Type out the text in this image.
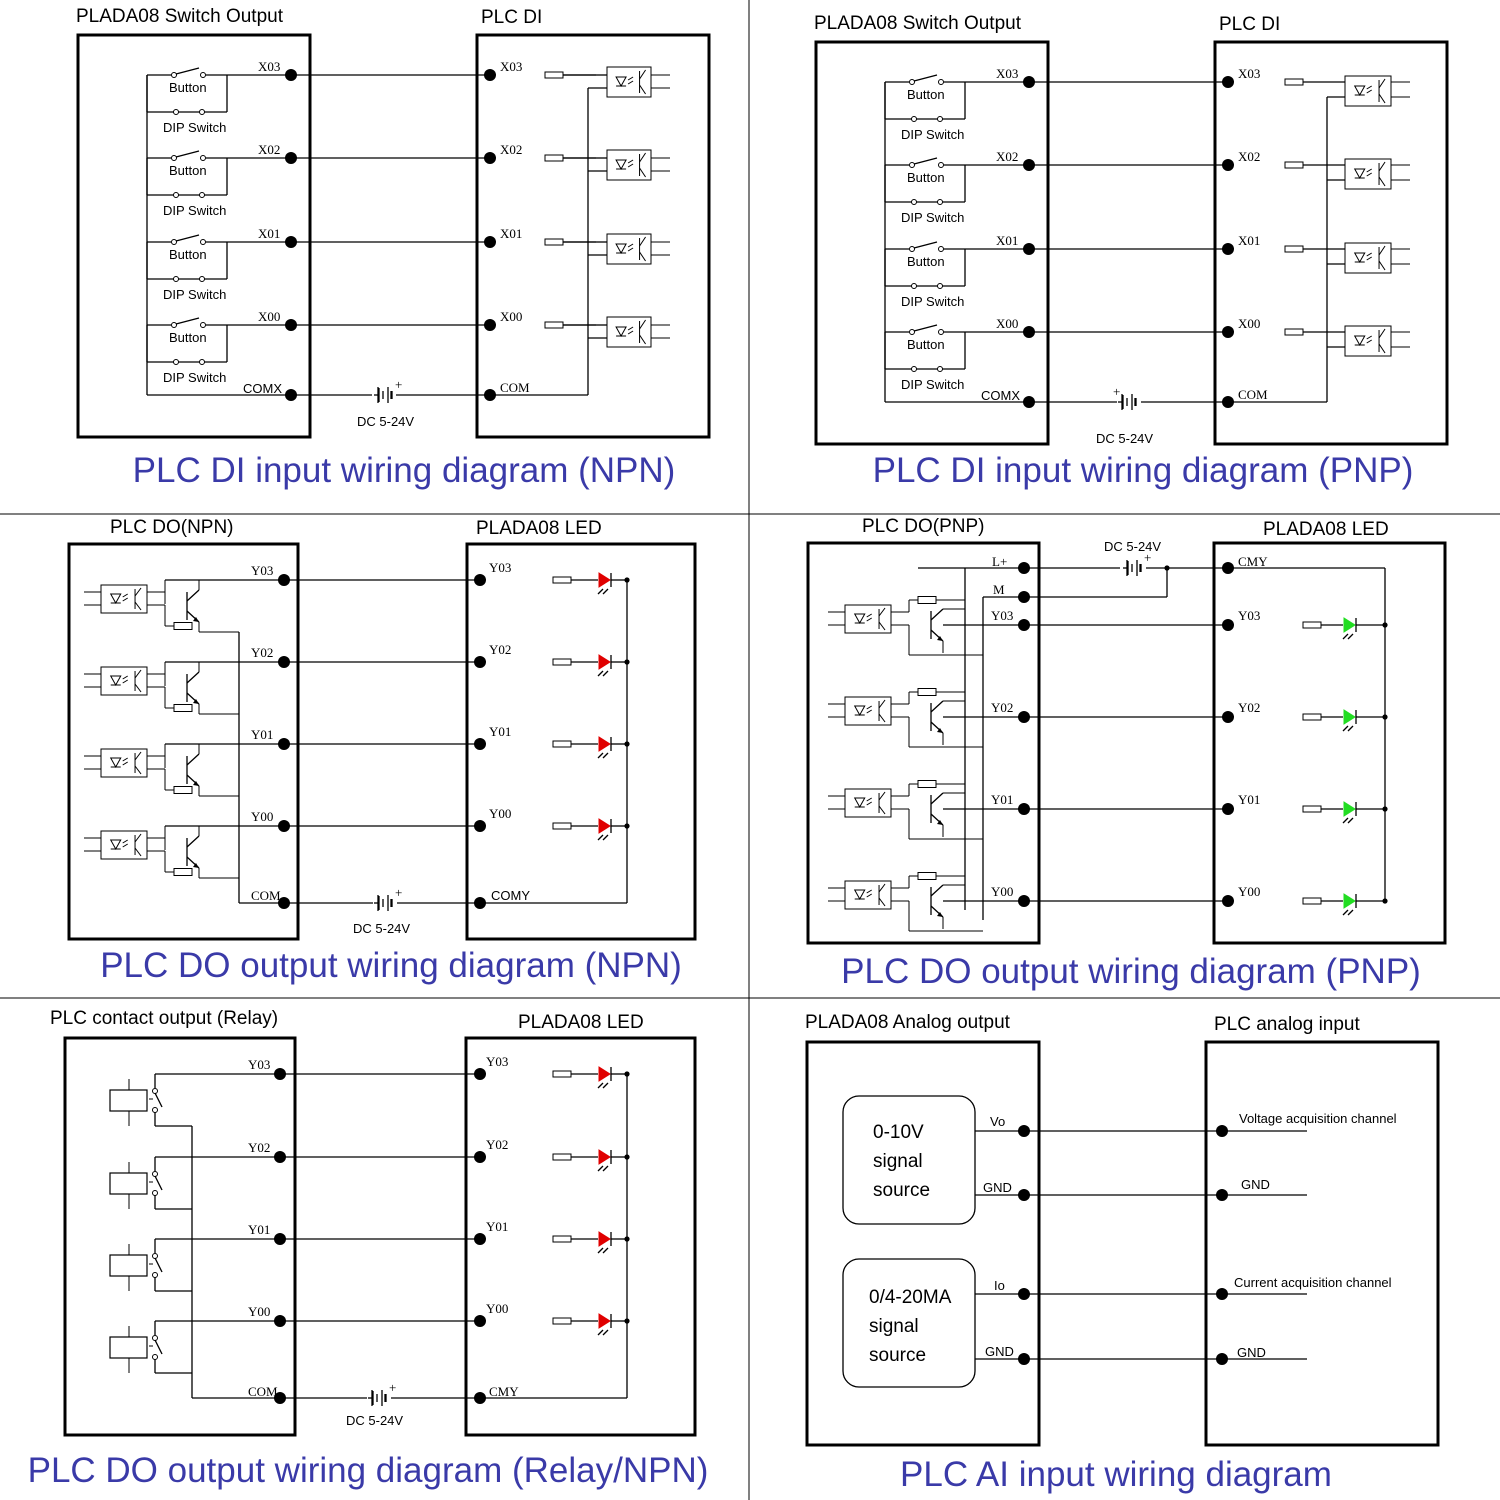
PLADA08 Switch Output	PLC DI
Button
DIP Switch
X03	X03
Button
DIP Switch
X02	X02
Button
DIP Switch
X01	X01
Button
DIP Switch
X00	X00
COMX	+
DC 5-24V
COM
PLC DI input wiring diagram (NPN)
PLADA08 Switch Output	PLC DI
Button
DIP Switch
X03	X03
Button
DIP Switch
X02	X02
Button
DIP Switch
X01	X01
Button
DIP Switch
X00	X00
COMX	+
DC 5-24V
COM
PLC DI input wiring diagram (PNP)
PLC DO(NPN)	PLADA08 LED
Y03	Y03
Y02	Y02
Y01	Y01
Y00	Y00
COM	+
DC 5-24V
COMY
PLC DO output wiring diagram (NPN)
PLC DO(PNP)	PLADA08 LED
L+	+
DC 5-24V
CMY
M
Y03	Y03
Y02	Y02
Y01	Y01
Y00	Y00
PLC DO output wiring diagram (PNP)
PLC contact output (Relay)	PLADA08 LED
Y03	Y03
Y02	Y02
Y01	Y01
Y00	Y00
COM	+
DC 5-24V
CMY
PLC DO output wiring diagram (Relay/NPN)
PLADA08 Analog output	PLC analog input
0-10V
signal
source
0/4-20MA
signal
source
Vo
GND
Io
GND
Voltage acquisition channel
GND
Current acquisition channel
GND
PLC AI input wiring diagram
